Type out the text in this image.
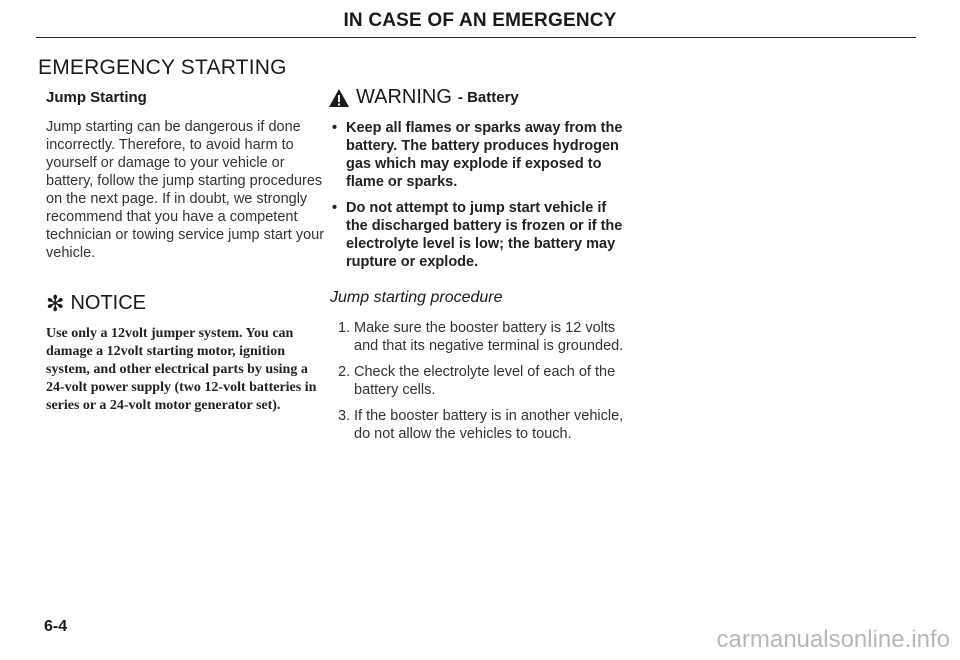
IN CASE OF AN EMERGENCY
EMERGENCY STARTING
Jump Starting

Jump starting can be dangerous if done incorrectly. Therefore, to avoid harm to yourself or damage to your vehicle or battery, follow the jump starting procedures on the next page. If in doubt, we strongly recommend that you have a competent technician or towing service jump start your vehicle.

✻ NOTICE

Use only a 12volt jumper system. You can damage a 12volt starting motor, ignition system, and other electrical parts by using a 24-volt power supply (two 12-volt batteries in series or a 24-volt motor generator set).

WARNING - Battery
• Keep all flames or sparks away from the battery. The battery produces hydrogen gas which may explode if exposed to flame or sparks.
• Do not attempt to jump start vehicle if the discharged battery is frozen or if the electrolyte level is low; the battery may rupture or explode.
Jump starting procedure
1. Make sure the booster battery is 12 volts and that its negative terminal is grounded.
2. Check the electrolyte level of each of the battery cells.
3. If the booster battery is in another vehicle, do not allow the vehicles to touch.
6-4	carmanualsonline.info
